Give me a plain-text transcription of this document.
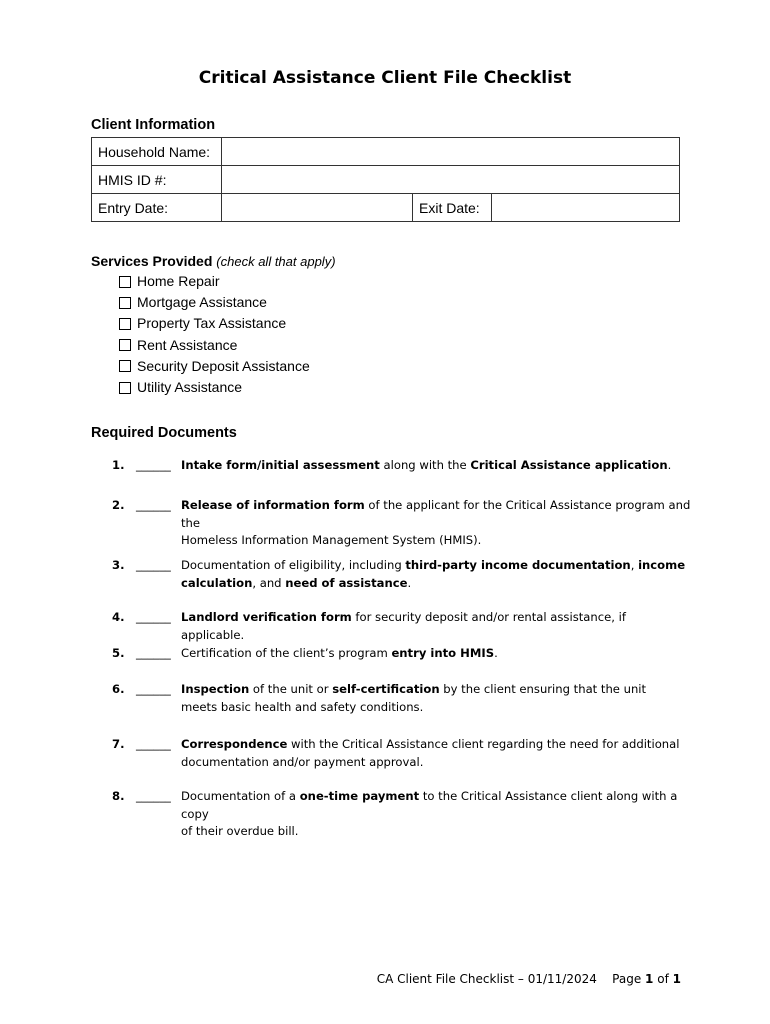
Critical Assistance Client File Checklist
Client Information
Household Name:			
HMIS ID #:			
Entry Date:		Exit Date:	
Services Provided (check all that apply)
Home Repair
Mortgage Assistance
Property Tax Assistance
Rent Assistance
Security Deposit Assistance
Utility Assistance
Required Documents
1. ______ Intake form/initial assessment along with the Critical Assistance application.
2. ______ Release of information form of the applicant for the Critical Assistance program and the
Homeless Information Management System (HMIS).
3. ______ Documentation of eligibility, including third-party income documentation, income
calculation, and need of assistance.
4. ______ Landlord verification form for security deposit and/or rental assistance, if applicable.
5. ______ Certification of the client’s program entry into HMIS.
6. ______ Inspection of the unit or self-certification by the client ensuring that the unit
meets basic health and safety conditions.
7. ______ Correspondence with the Critical Assistance client regarding the need for additional
documentation and/or payment approval.
8. ______ Documentation of a one-time payment to the Critical Assistance client along with a copy
of their overdue bill.
CA Client File Checklist – 01/11/2024 Page 1 of 1
